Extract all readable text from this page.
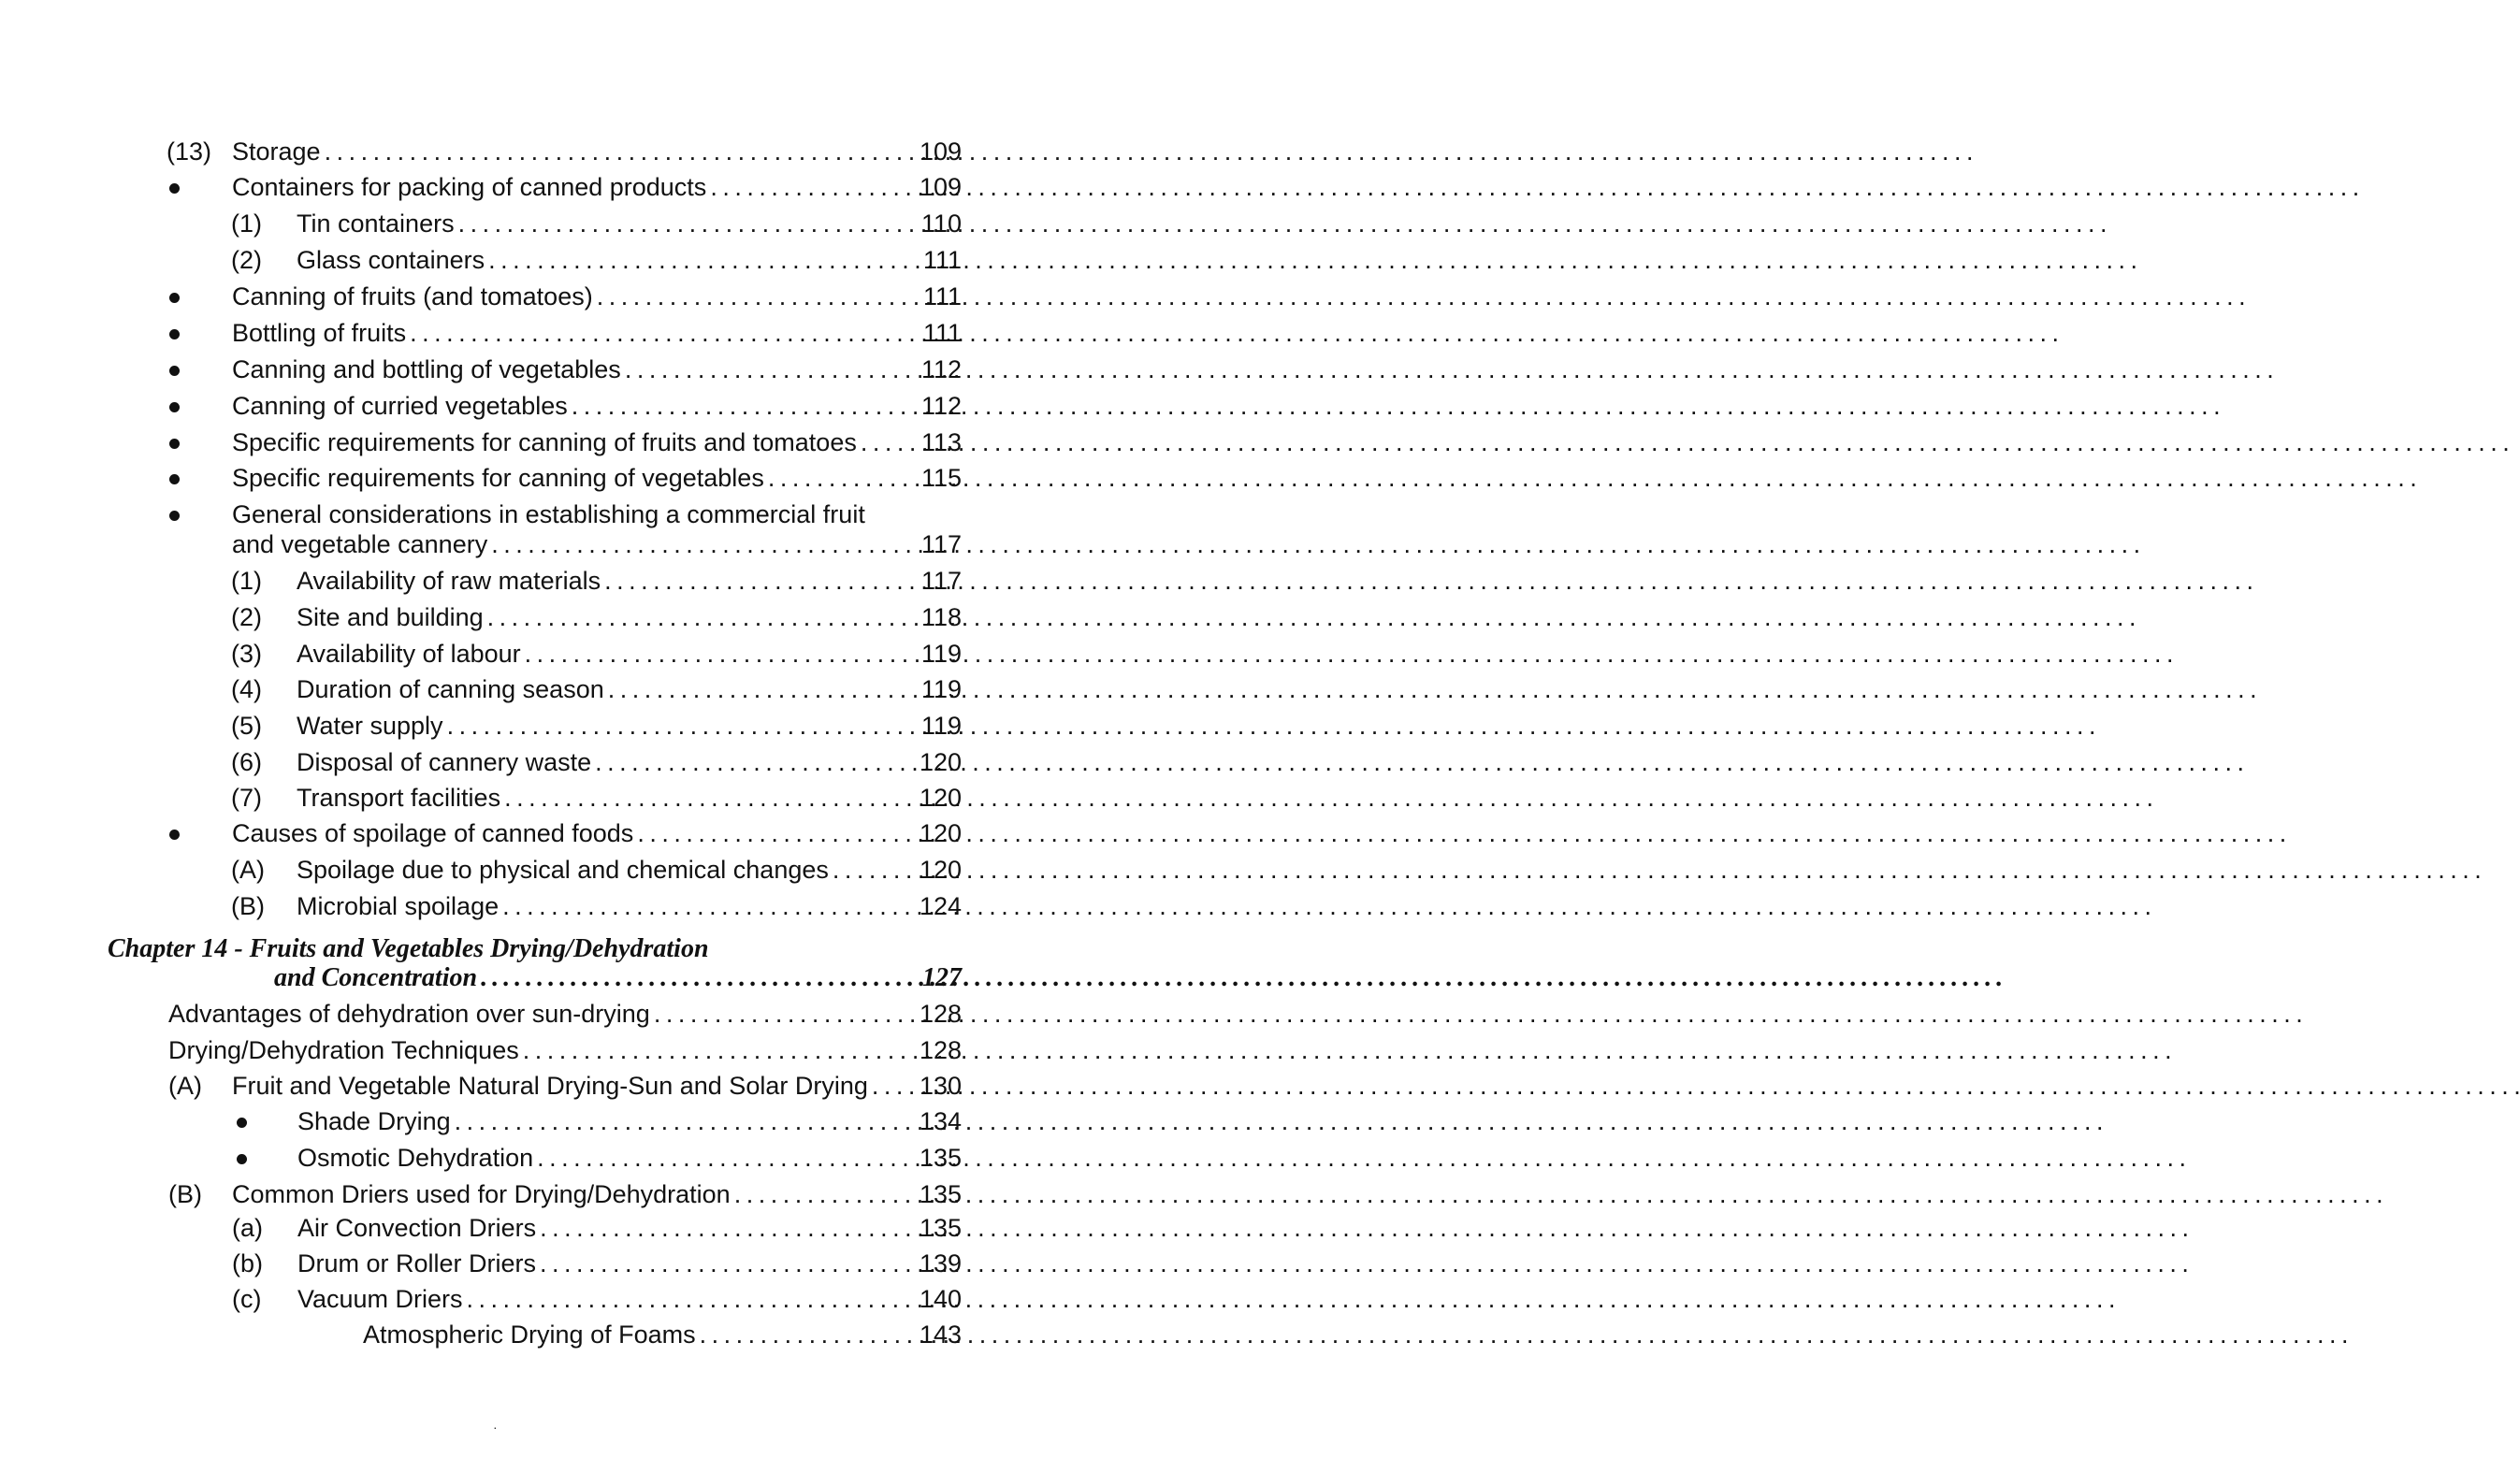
(13) Storage . . .	109
Containers for packing of canned products . . .	109
(1) Tin containers . . .	110
(2) Glass containers . . .	111
Canning of fruits (and tomatoes) . . .	111
Bottling of fruits . . .	111
Canning and bottling of vegetables . . .	112
Canning of curried vegetables . . .	112
Specific requirements for canning of fruits and tomatoes . . .	113
Specific requirements for canning of vegetables . . .	115
General considerations in establishing a commercial fruit
and vegetable cannery . . .	117
(1) Availability of raw materials . . .	117
(2) Site and building . . .	118
(3) Availability of labour . . .	119
(4) Duration of canning season . . .	119
(5) Water supply . . .	119
(6) Disposal of cannery waste . . .	120
(7) Transport facilities . . .	120
Causes of spoilage of canned foods . . .	120
(A) Spoilage due to physical and chemical changes . . .	120
(B) Microbial spoilage . . .	124
Chapter 14 - Fruits and Vegetables Drying/Dehydration
and Concentration . . .	127
Advantages of dehydration over sun-drying . . .	128
Drying/Dehydration Techniques . . .	128
(A) Fruit and Vegetable Natural Drying-Sun and Solar Drying . . .	130
Shade Drying . . .	134
Osmotic Dehydration . . .	135
(B) Common Driers used for Drying/Dehydration . . .	135
(a) Air Convection Driers . . .	135
(b) Drum or Roller Driers . . .	139
(c) Vacuum Driers . . .	140
Atmospheric Drying of Foams . . .	143
·
